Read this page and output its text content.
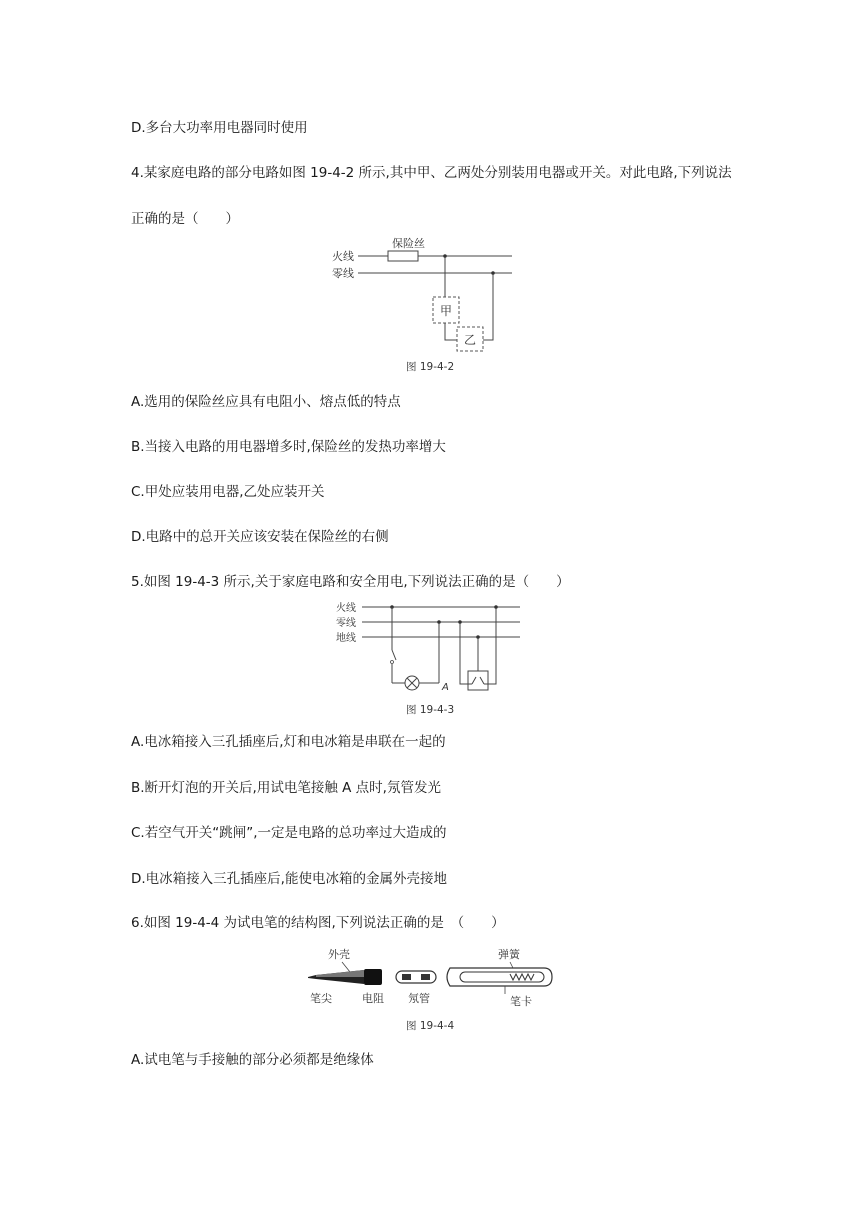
D.多台大功率用电器同时使用
4.某家庭电路的部分电路如图 19-4-2 所示,其中甲、乙两处分别装用电器或开关。对此电路,下列说法
正确的是（　　）
火线
零线
保险丝
甲
乙
图 19-4-2
A.选用的保险丝应具有电阻小、熔点低的特点
B.当接入电路的用电器增多时,保险丝的发热功率增大
C.甲处应装用电器,乙处应装开关
D.电路中的总开关应该安装在保险丝的右侧
5.如图 19-4-3 所示,关于家庭电路和安全用电,下列说法正确的是（　　）
火线
零线
地线
A
图 19-4-3
A.电冰箱接入三孔插座后,灯和电冰箱是串联在一起的
B.断开灯泡的开关后,用试电笔接触 A 点时,氖管发光
C.若空气开关“跳闸”,一定是电路的总功率过大造成的
D.电冰箱接入三孔插座后,能使电冰箱的金属外壳接地
6.如图 19-4-4 为试电笔的结构图,下列说法正确的是　（　　）
外壳	弹簧
笔尖	电阻 氖管	笔卡
图 19-4-4
A.试电笔与手接触的部分必须都是绝缘体
